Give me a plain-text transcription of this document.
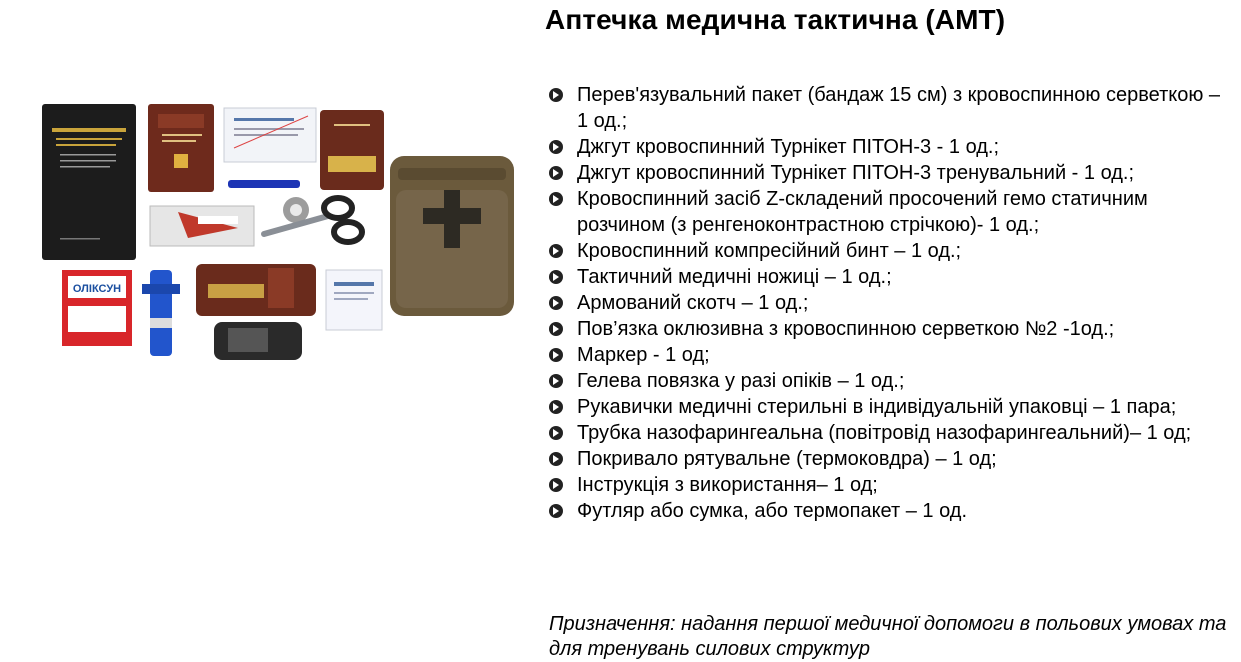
ОЛІКСУН
Аптечка медична тактична (АМТ)
Перев'язувальний пакет (бандаж 15 см) з кровоспинною серветкою – 1 од.;
Джгут кровоспинний Турнікет ПІТОН-3 - 1 од.;
Джгут кровоспинний Турнікет ПІТОН-3 тренувальний - 1 од.;
Кровоспинний засіб Z-складений просочений гемо статичним розчином (з ренгеноконтрастною стрічкою)- 1 од.;
Кровоспинний компресійний бинт – 1 од.;
Тактичний медичні ножиці – 1 од.;
Армований скотч – 1 од.;
Пов’язка оклюзивна з кровоспинною серветкою №2 -1од.;
Маркер - 1 од;
Гелева повязка у разі опіків – 1 од.;
Рукавички медичні стерильні в індивідуальній упаковці – 1 пара;
Трубка назофарингеальна (повітровід назофарингеальний)– 1 од;
Покривало рятувальне (термоковдра) – 1 од;
Інструкція з використання– 1 од;
Футляр або сумка, або термопакет – 1 од.

Призначення: надання першої медичної допомоги в польових умовах та для тренувань силових структур
